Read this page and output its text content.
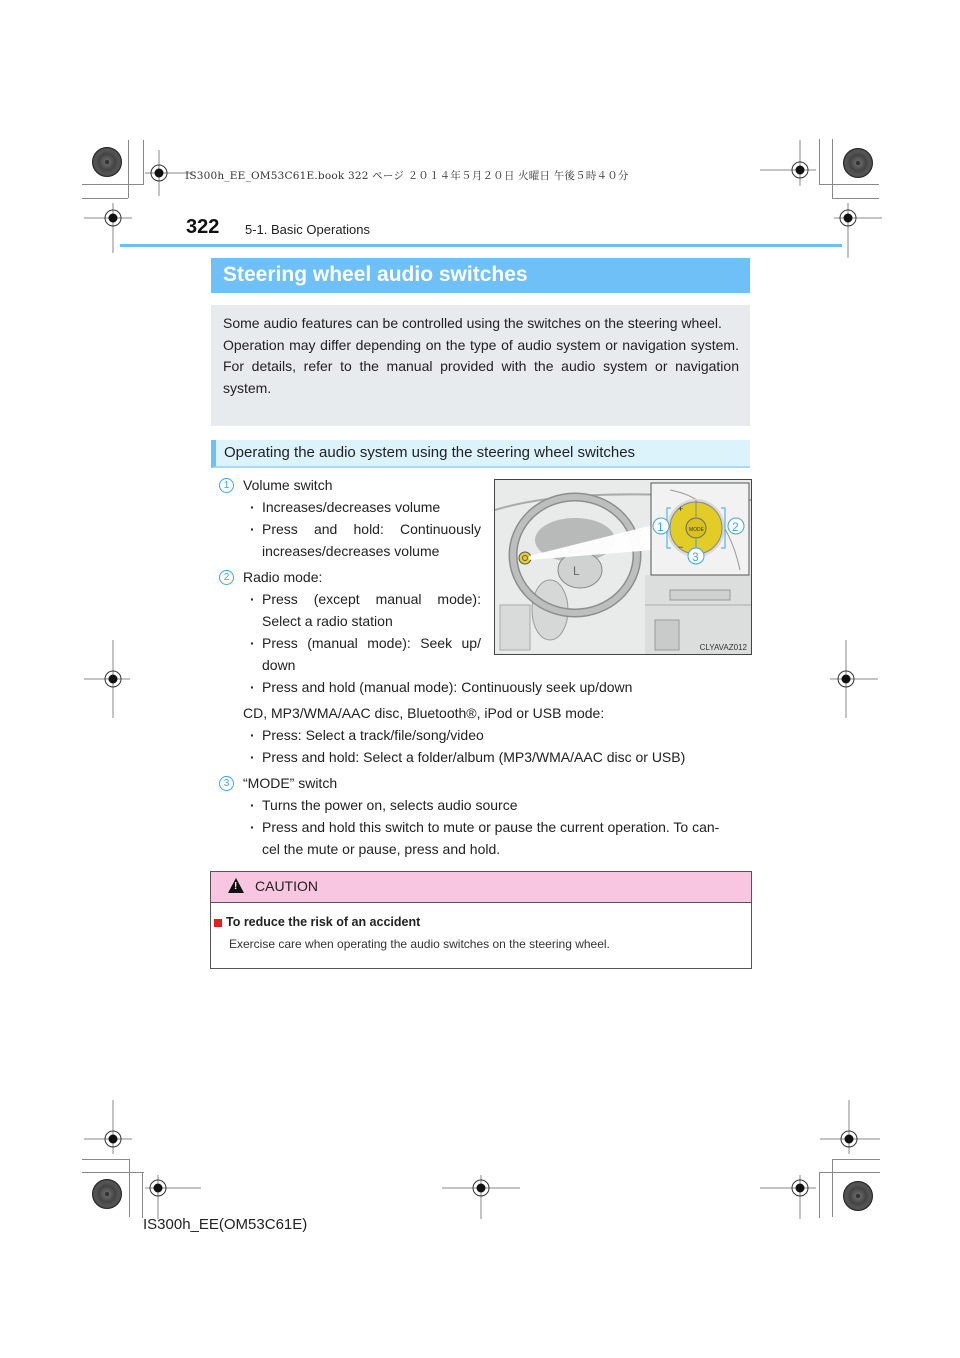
IS300h_EE_OM53C61E.book 322 ページ ２０１４年５月２０日 火曜日 午後５時４０分
322 5-1. Basic Operations
Steering wheel audio switches

Some audio features can be controlled using the switches on the steering wheel.
Operation may differ depending on the type of audio system or navigation system. For details, refer to the manual provided with the audio system or navigation system.

Operating the audio system using the steering wheel switches
1 Volume switch
· Increases/decreases volume
· Press and hold: Continuously
increases/decreases volume
2 Radio mode:
· Press (except manual mode):
Select a radio station
· Press (manual mode): Seek up/
down
· Press and hold (manual mode): Continuously seek up/down
CD, MP3/WMA/AAC disc, Bluetooth®, iPod or USB mode:
· Press: Select a track/file/song/video
· Press and hold: Select a folder/album (MP3/WMA/AAC disc or USB)
3 “MODE” switch
· Turns the power on, selects audio source
· Press and hold this switch to mute or pause the current operation. To can-
cel the mute or pause, press and hold.
L
MODE
+
−
1	2
3
CLYAVAZ012
!
CAUTION
To reduce the risk of an accident
Exercise care when operating the audio switches on the steering wheel.
IS300h_EE(OM53C61E)
